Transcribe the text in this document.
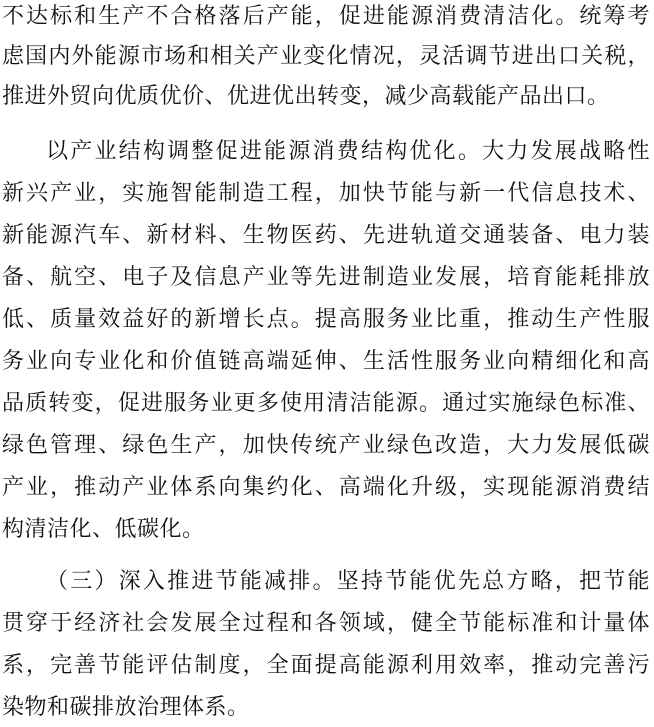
不达标和生产不合格落后产能，促进能源消费清洁化。统筹考
虑国内外能源市场和相关产业变化情况，灵活调节进出口关税，
推进外贸向优质优价、优进优出转变，减少高载能产品出口。
以产业结构调整促进能源消费结构优化。大力发展战略性
新兴产业，实施智能制造工程，加快节能与新一代信息技术、
新能源汽车、新材料、生物医药、先进轨道交通装备、电力装
备、航空、电子及信息产业等先进制造业发展，培育能耗排放
低、质量效益好的新增长点。提高服务业比重，推动生产性服
务业向专业化和价值链高端延伸、生活性服务业向精细化和高
品质转变，促进服务业更多使用清洁能源。通过实施绿色标准、
绿色管理、绿色生产，加快传统产业绿色改造，大力发展低碳
产业，推动产业体系向集约化、高端化升级，实现能源消费结
构清洁化、低碳化。
（三）深入推进节能减排。坚持节能优先总方略，把节能
贯穿于经济社会发展全过程和各领域，健全节能标准和计量体
系，完善节能评估制度，全面提高能源利用效率，推动完善污
染物和碳排放治理体系。
